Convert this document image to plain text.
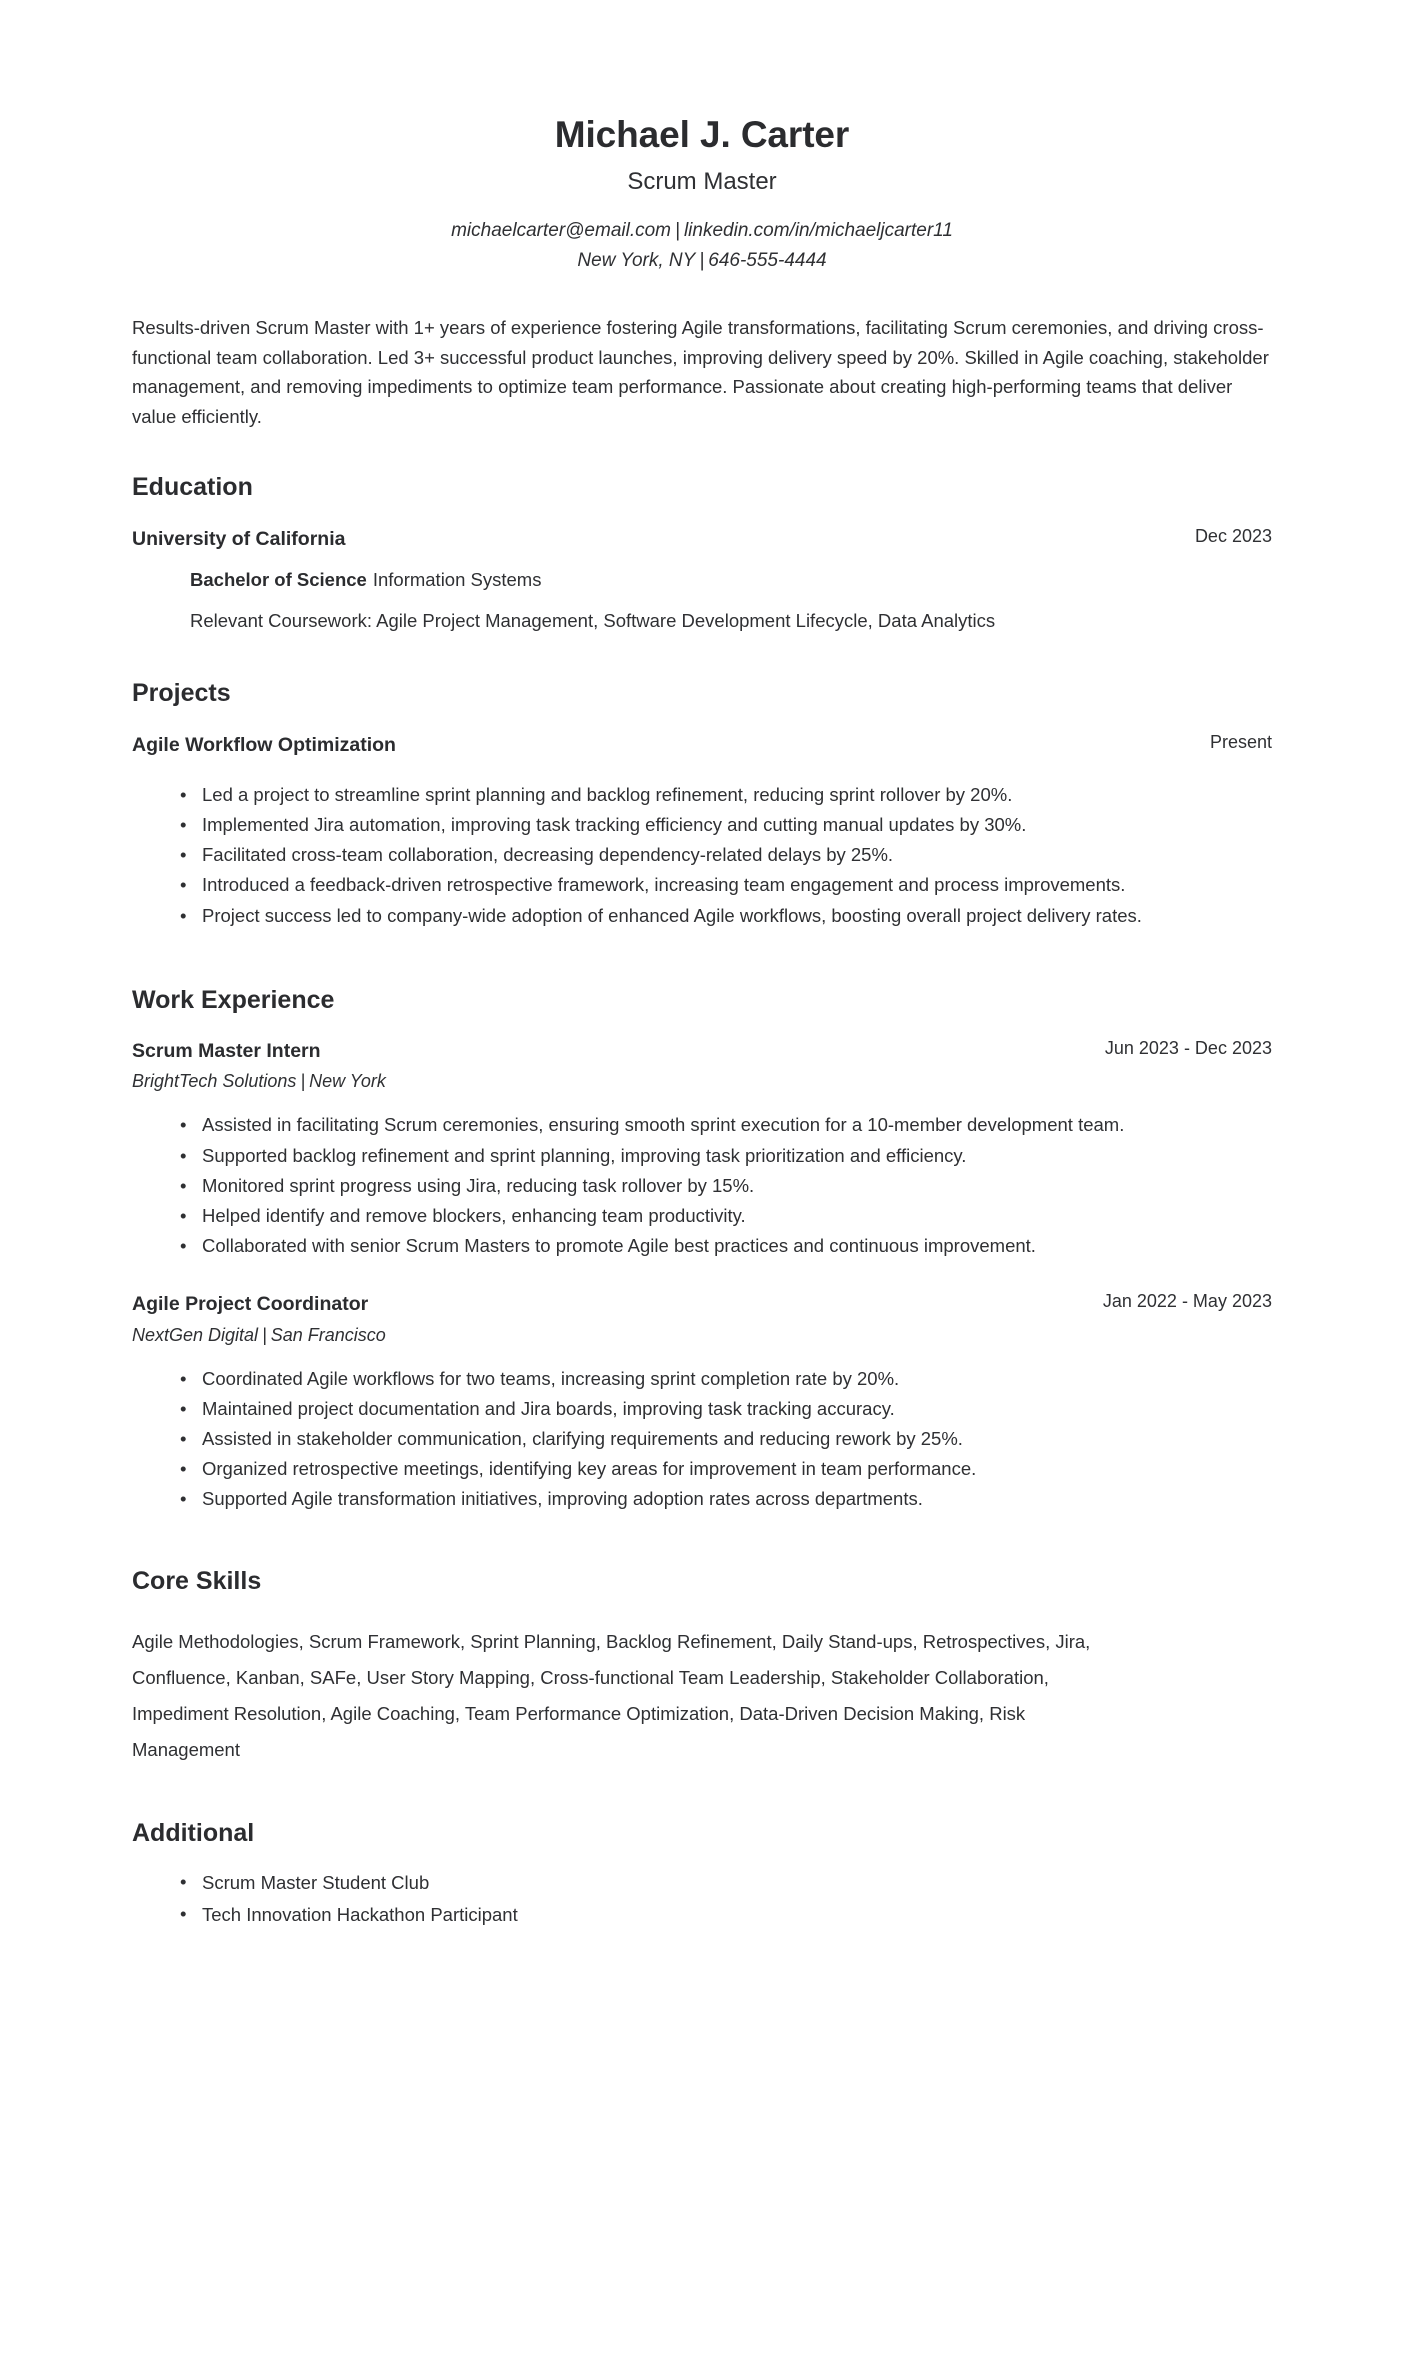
Michael J. Carter
Scrum Master
michaelcarter@email.com | linkedin.com/in/michaeljcarter11
New York, NY | 646-555-4444

Results-driven Scrum Master with 1+ years of experience fostering Agile transformations, facilitating Scrum ceremonies, and driving cross-functional team collaboration. Led 3+ successful product launches, improving delivery speed by 20%. Skilled in Agile coaching, stakeholder management, and removing impediments to optimize team performance. Passionate about creating high-performing teams that deliver value efficiently.

Education
University of California	Dec 2023
Bachelor of Science Information Systems
Relevant Coursework: Agile Project Management, Software Development Lifecycle, Data Analytics
Projects
Agile Workflow Optimization	Present
• Led a project to streamline sprint planning and backlog refinement, reducing sprint rollover by 20%.
• Implemented Jira automation, improving task tracking efficiency and cutting manual updates by 30%.
• Facilitated cross-team collaboration, decreasing dependency-related delays by 25%.
• Introduced a feedback-driven retrospective framework, increasing team engagement and process improvements.
• Project success led to company-wide adoption of enhanced Agile workflows, boosting overall project delivery rates.
Work Experience
Scrum Master Intern	Jun 2023 - Dec 2023
BrightTech Solutions | New York
• Assisted in facilitating Scrum ceremonies, ensuring smooth sprint execution for a 10-member development team.
• Supported backlog refinement and sprint planning, improving task prioritization and efficiency.
• Monitored sprint progress using Jira, reducing task rollover by 15%.
• Helped identify and remove blockers, enhancing team productivity.
• Collaborated with senior Scrum Masters to promote Agile best practices and continuous improvement.
Agile Project Coordinator	Jan 2022 - May 2023
NextGen Digital | San Francisco
• Coordinated Agile workflows for two teams, increasing sprint completion rate by 20%.
• Maintained project documentation and Jira boards, improving task tracking accuracy.
• Assisted in stakeholder communication, clarifying requirements and reducing rework by 25%.
• Organized retrospective meetings, identifying key areas for improvement in team performance.
• Supported Agile transformation initiatives, improving adoption rates across departments.
Core Skills
Agile Methodologies, Scrum Framework, Sprint Planning, Backlog Refinement, Daily Stand-ups, Retrospectives, Jira, Confluence, Kanban, SAFe, User Story Mapping, Cross-functional Team Leadership, Stakeholder Collaboration, Impediment Resolution, Agile Coaching, Team Performance Optimization, Data-Driven Decision Making, Risk Management
Additional
• Scrum Master Student Club
• Tech Innovation Hackathon Participant
